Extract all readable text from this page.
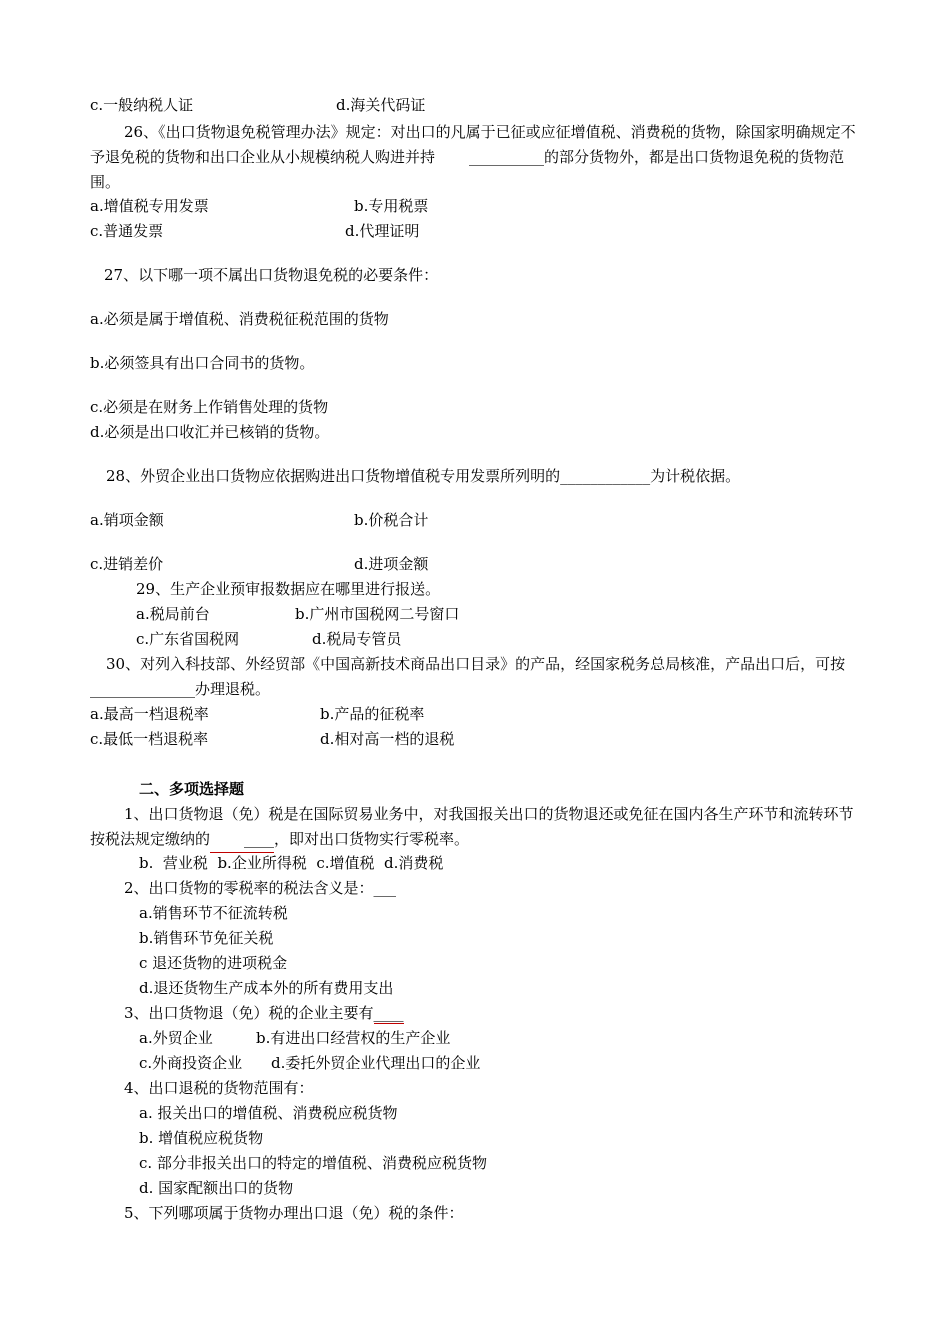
c.一般纳税人证	d.海关代码证
26、《出口货物退免税管理办法》规定：对出口的凡属于已征或应征增值税、消费税的货物，除国家明确规定不予退免税的货物和出口企业从小规模纳税人购进并持 __________的部分货物外，都是出口货物退免税的货物范围。
a.增值税专用发票	b.专用税票
c.普通发票	d.代理证明
27、以下哪一项不属出口货物退免税的必要条件：
a.必须是属于增值税、消费税征税范围的货物
b.必须签具有出口合同书的货物。
c.必须是在财务上作销售处理的货物
d.必须是出口收汇并已核销的货物。
28、外贸企业出口货物应依据购进出口货物增值税专用发票所列明的____________为计税依据。
a.销项金额	b.价税合计
c.进销差价	d.进项金额
29、生产企业预审报数据应在哪里进行报送。
a.税局前台	b.广州市国税网二号窗口
c.广东省国税网	d.税局专管员
30、对列入科技部、外经贸部《中国高新技术商品出口目录》的产品，经国家税务总局核准，产品出口后，可按______________办理退税。
a.最高一档退税率	b.产品的征税率
c.最低一档退税率	d.相对高一档的退税
二、多项选择题
1、出口货物退（免）税是在国际贸易业务中，对我国报关出口的货物退还或免征在国内各生产环节和流转环节按税法规定缴纳的 ____，即对出口货物实行零税率。
b.  营业税  b.企业所得税  c.增值税  d.消费税
2、出口货物的零税率的税法含义是：___
a.销售环节不征流转税
b.销售环节免征关税
c 退还货物的进项税金
d.退还货物生产成本外的所有费用支出
3、出口货物退（免）税的企业主要有____
a.外贸企业	b.有进出口经营权的生产企业
c.外商投资企业 d.委托外贸企业代理出口的企业
4、出口退税的货物范围有：
a. 报关出口的增值税、消费税应税货物
b. 增值税应税货物
c. 部分非报关出口的特定的增值税、消费税应税货物
d. 国家配额出口的货物
5、下列哪项属于货物办理出口退（免）税的条件：
